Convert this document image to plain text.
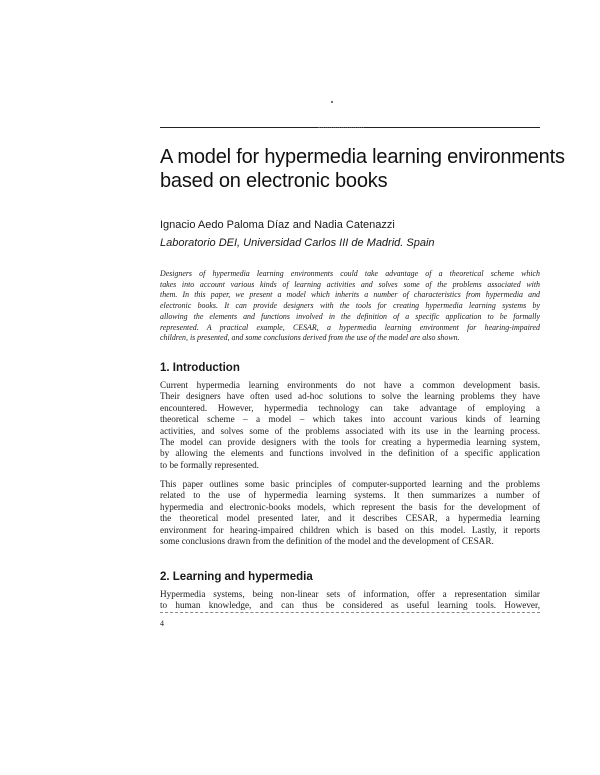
A model for hypermedia learning environments
based on electronic books
Ignacio Aedo Paloma Díaz and Nadia Catenazzi
Laboratorio DEI, Universidad Carlos III de Madrid. Spain

Designers of hypermedia learning environments could take advantage of a theoretical scheme which
takes into account various kinds of learning activities and solves some of the problems associated with
them. In this paper, we present a model which inherits a number of characteristics from hypermedia and
electronic books. It can provide designers with the tools for creating hypermedia learning systems by
allowing the elements and functions involved in the definition of a specific application to be formally
represented. A practical example, CESAR, a hypermedia learning environment for hearing-impaired
children, is presented, and some conclusions derived from the use of the model are also shown.

1. Introduction

Current hypermedia learning environments do not have a common development basis.
Their designers have often used ad-hoc solutions to solve the learning problems they have
encountered. However, hypermedia technology can take advantage of employing a
theoretical scheme – a model – which takes into account various kinds of learning
activities, and solves some of the problems associated with its use in the learning process.
The model can provide designers with the tools for creating a hypermedia learning system,
by allowing the elements and functions involved in the definition of a specific application
to be formally represented.

This paper outlines some basic principles of computer-supported learning and the problems
related to the use of hypermedia learning systems. It then summarizes a number of
hypermedia and electronic-books models, which represent the basis for the development of
the theoretical model presented later, and it describes CESAR, a hypermedia learning
environment for hearing-impaired children which is based on this model. Lastly, it reports
some conclusions drawn from the definition of the model and the development of CESAR.

2. Learning and hypermedia

Hypermedia systems, being non-linear sets of information, offer a representation similar
to human knowledge, and can thus be considered as useful learning tools. However,

4
